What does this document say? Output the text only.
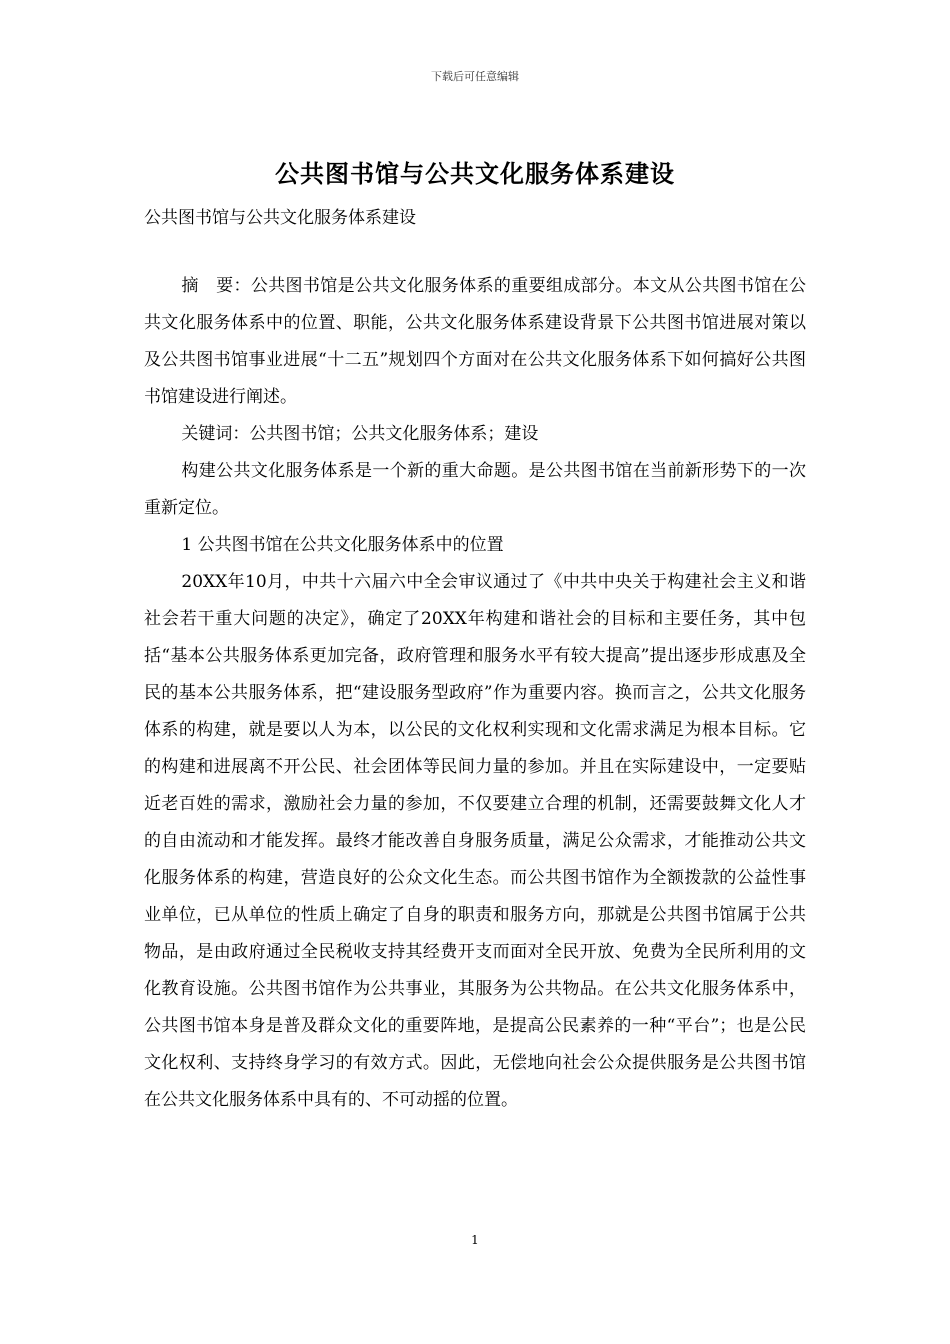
下载后可任意编辑
公共图书馆与公共文化服务体系建设

公共图书馆与公共文化服务体系建设

摘　要：公共图书馆是公共文化服务体系的重要组成部分。本文从公共图书馆在公共文化服务体系中的位置、职能，公共文化服务体系建设背景下公共图书馆进展对策以及公共图书馆事业进展“十二五”规划四个方面对在公共文化服务体系下如何搞好公共图书馆建设进行阐述。

关键词：公共图书馆；公共文化服务体系；建设

构建公共文化服务体系是一个新的重大命题。是公共图书馆在当前新形势下的一次重新定位。

1 公共图书馆在公共文化服务体系中的位置

20XX年10月，中共十六届六中全会审议通过了《中共中央关于构建社会主义和谐社会若干重大问题的决定》，确定了20XX年构建和谐社会的目标和主要任务，其中包括“基本公共服务体系更加完备，政府管理和服务水平有较大提高”提出逐步形成惠及全民的基本公共服务体系，把“建设服务型政府”作为重要内容。换而言之，公共文化服务体系的构建，就是要以人为本，以公民的文化权利实现和文化需求满足为根本目标。它的构建和进展离不开公民、社会团体等民间力量的参加。并且在实际建设中，一定要贴近老百姓的需求，激励社会力量的参加，不仅要建立合理的机制，还需要鼓舞文化人才的自由流动和才能发挥。最终才能改善自身服务质量，满足公众需求，才能推动公共文化服务体系的构建，营造良好的公众文化生态。而公共图书馆作为全额拨款的公益性事业单位，已从单位的性质上确定了自身的职责和服务方向，那就是公共图书馆属于公共物品，是由政府通过全民税收支持其经费开支而面对全民开放、免费为全民所利用的文化教育设施。公共图书馆作为公共事业，其服务为公共物品。在公共文化服务体系中，公共图书馆本身是普及群众文化的重要阵地，是提高公民素养的一种“平台”；也是公民文化权利、支持终身学习的有效方式。因此，无偿地向社会公众提供服务是公共图书馆在公共文化服务体系中具有的、不可动摇的位置。

1
